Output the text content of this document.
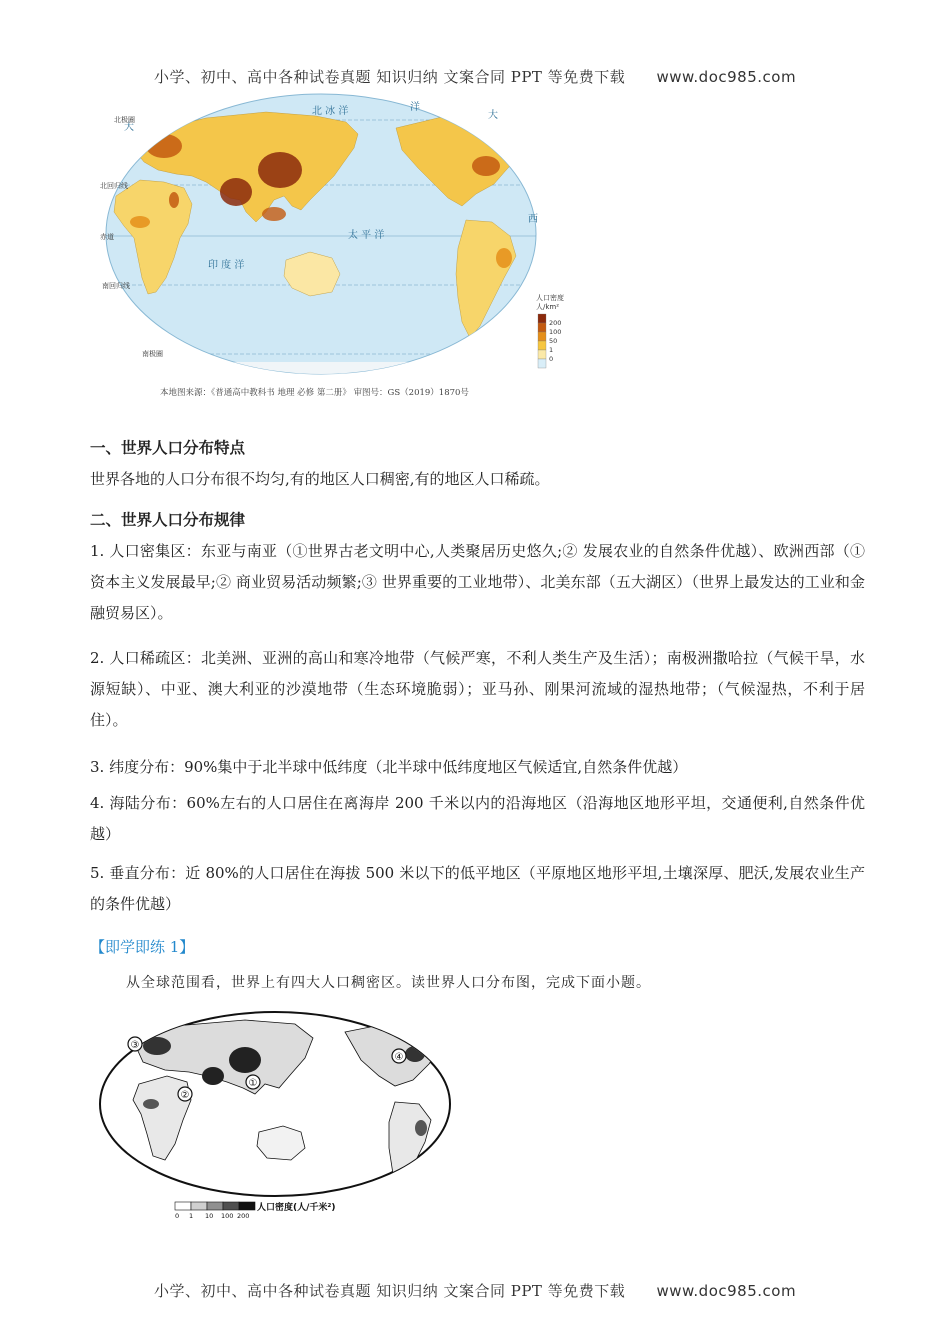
小学、初中、高中各种试卷真题 知识归纳 文案合同 PPT 等免费下载 www.doc985.com
北 冰 洋
大
洋
大
太 平 洋
西
印 度 洋
北极圈
北回归线
赤道
南回归线
南极圈
人口密度
人/km²
200
100
50
1
0
本地图来源：《普通高中教科书 地理 必修 第二册》 审图号：GS（2019）1870号
一、世界人口分布特点
世界各地的人口分布很不均匀,有的地区人口稠密,有的地区人口稀疏。
二、世界人口分布规律
1. 人口密集区：东亚与南亚（①世界古老文明中心,人类聚居历史悠久;② 发展农业的自然条件优越）、欧洲西部（①资本主义发展最早;② 商业贸易活动频繁;③ 世界重要的工业地带）、北美东部（五大湖区）（世界上最发达的工业和金融贸易区）。
2. 人口稀疏区：北美洲、亚洲的高山和寒冷地带（气候严寒，不利人类生产及生活）；南极洲撒哈拉（气候干旱，水源短缺）、中亚、澳大利亚的沙漠地带（生态环境脆弱）；亚马孙、刚果河流域的湿热地带；（气候湿热，不利于居住）。
3. 纬度分布：90%集中于北半球中低纬度（北半球中低纬度地区气候适宜,自然条件优越）
4. 海陆分布：60%左右的人口居住在离海岸 200 千米以内的沿海地区（沿海地区地形平坦，交通便利,自然条件优越）
5. 垂直分布：近 80%的人口居住在海拔 500 米以下的低平地区（平原地区地形平坦,土壤深厚、肥沃,发展农业生产的条件优越）
【即学即练 1】
从全球范围看，世界上有四大人口稠密区。读世界人口分布图，完成下面小题。
③
②
①
④
0 1 10 100 200
人口密度(人/千米²)
小学、初中、高中各种试卷真题 知识归纳 文案合同 PPT 等免费下载 www.doc985.com
